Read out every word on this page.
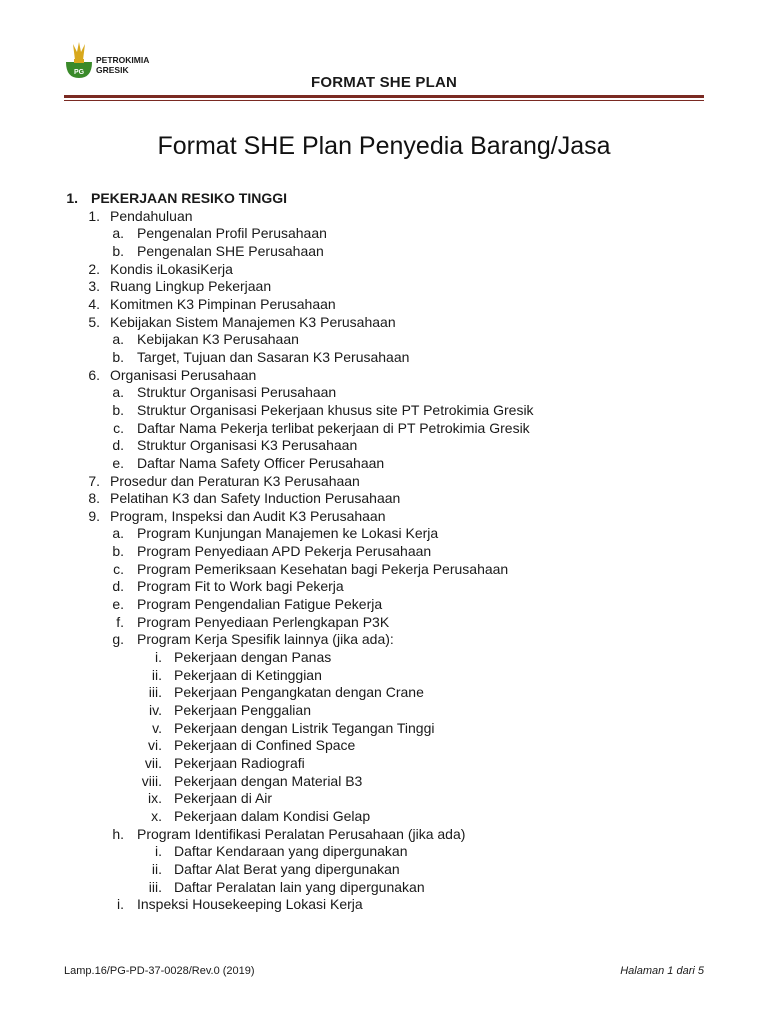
PG
PETROKIMIA
GRESIK
FORMAT SHE PLAN
Format SHE Plan Penyedia Barang/Jasa
1. PEKERJAAN RESIKO TINGGI
1. Pendahuluan
a. Pengenalan Profil Perusahaan
b. Pengenalan SHE Perusahaan
2. Kondis iLokasiKerja
3. Ruang Lingkup Pekerjaan
4. Komitmen K3 Pimpinan Perusahaan
5. Kebijakan Sistem Manajemen K3 Perusahaan
a. Kebijakan K3 Perusahaan
b. Target, Tujuan dan Sasaran K3 Perusahaan
6. Organisasi Perusahaan
a. Struktur Organisasi Perusahaan
b. Struktur Organisasi Pekerjaan khusus site PT Petrokimia Gresik
c. Daftar Nama Pekerja terlibat pekerjaan di PT Petrokimia Gresik
d. Struktur Organisasi K3 Perusahaan
e. Daftar Nama Safety Officer Perusahaan
7. Prosedur dan Peraturan K3 Perusahaan
8. Pelatihan K3 dan Safety Induction Perusahaan
9. Program, Inspeksi dan Audit K3 Perusahaan
a. Program Kunjungan Manajemen ke Lokasi Kerja
b. Program Penyediaan APD Pekerja Perusahaan
c. Program Pemeriksaan Kesehatan bagi Pekerja Perusahaan
d. Program Fit to Work bagi Pekerja
e. Program Pengendalian Fatigue Pekerja
f. Program Penyediaan Perlengkapan P3K
g. Program Kerja Spesifik lainnya (jika ada):
i. Pekerjaan dengan Panas
ii. Pekerjaan di Ketinggian
iii. Pekerjaan Pengangkatan dengan Crane
iv. Pekerjaan Penggalian
v. Pekerjaan dengan Listrik Tegangan Tinggi
vi. Pekerjaan di Confined Space
vii. Pekerjaan Radiografi
viii. Pekerjaan dengan Material B3
ix. Pekerjaan di Air
x. Pekerjaan dalam Kondisi Gelap
h. Program Identifikasi Peralatan Perusahaan (jika ada)
i. Daftar Kendaraan yang dipergunakan
ii. Daftar Alat Berat yang dipergunakan
iii. Daftar Peralatan lain yang dipergunakan
i. Inspeksi Housekeeping Lokasi Kerja
Lamp.16/PG-PD-37-0028/Rev.0 (2019)	Halaman 1 dari 5
